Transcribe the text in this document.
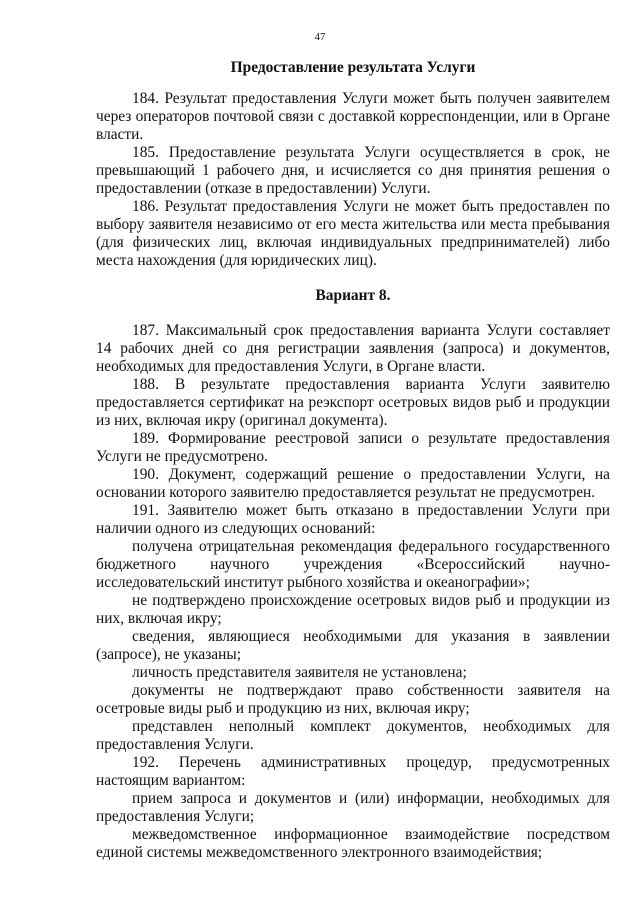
47
Предоставление результата Услуги

184. Результат предоставления Услуги может быть получен заявителем через операторов почтовой связи с доставкой корреспонденции, или в Органе власти.

185. Предоставление результата Услуги осуществляется в срок, не превышающий 1 рабочего дня, и исчисляется со дня принятия решения о предоставлении (отказе в предоставлении) Услуги.

186. Результат предоставления Услуги не может быть предоставлен по выбору заявителя независимо от его места жительства или места пребывания (для физических лиц, включая индивидуальных предпринимателей) либо места нахождения (для юридических лиц).

Вариант 8.

187. Максимальный срок предоставления варианта Услуги составляет 14 рабочих дней со дня регистрации заявления (запроса) и документов, необходимых для предоставления Услуги, в Органе власти.

188. В результате предоставления варианта Услуги заявителю предоставляется сертификат на реэкспорт осетровых видов рыб и продукции из них, включая икру (оригинал документа).

189. Формирование реестровой записи о результате предоставления Услуги не предусмотрено.

190. Документ, содержащий решение о предоставлении Услуги, на основании которого заявителю предоставляется результат не предусмотрен.

191. Заявителю может быть отказано в предоставлении Услуги при наличии одного из следующих оснований:

получена отрицательная рекомендация федерального государственного бюджетного научного учреждения «Всероссийский научно-исследовательский институт рыбного хозяйства и океанографии»;

не подтверждено происхождение осетровых видов рыб и продукции из них, включая икру;

сведения, являющиеся необходимыми для указания в заявлении (запросе), не указаны;

личность представителя заявителя не установлена;

документы не подтверждают право собственности заявителя на осетровые виды рыб и продукцию из них, включая икру;

представлен неполный комплект документов, необходимых для предоставления Услуги.

192. Перечень административных процедур, предусмотренных настоящим вариантом:

прием запроса и документов и (или) информации, необходимых для предоставления Услуги;

межведомственное информационное взаимодействие посредством единой системы межведомственного электронного взаимодействия;
